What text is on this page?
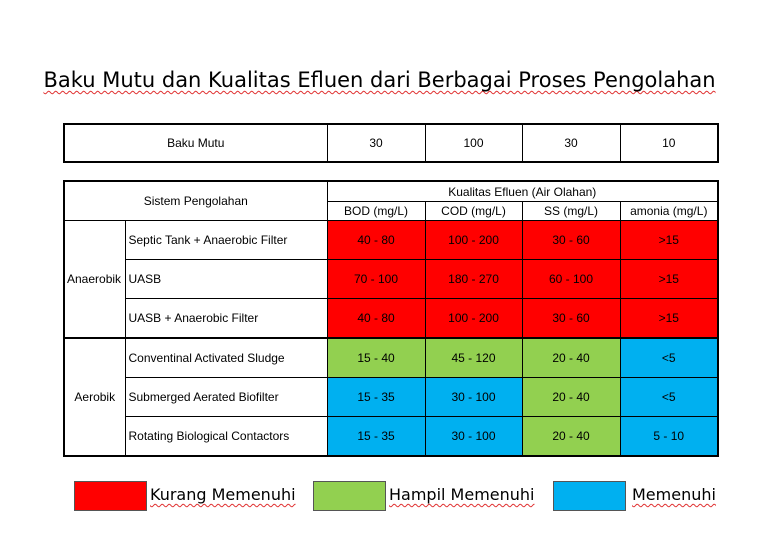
Baku Mutu dan Kualitas Efluen dari Berbagai Proses Pengolahan
Baku Mutu	30	100	30	10
Sistem Pengolahan		Kualitas Efluen (Air Olahan)			
		BOD (mg/L)	COD (mg/L)	SS (mg/L)	amonia (mg/L)
Anaerobik	Septic Tank + Anaerobic Filter	40 - 80	100 - 200	30 - 60	>15
	UASB	70 - 100	180 - 270	60 - 100	>15
	UASB + Anaerobic Filter	40 - 80	100 - 200	30 - 60	>15
Aerobik	Conventinal Activated Sludge	15 - 40	45 - 120	20 - 40	<5
	Submerged Aerated Biofilter	15 - 35	30 - 100	20 - 40	<5
	Rotating Biological Contactors	15 - 35	30 - 100	20 - 40	5 - 10
Kurang Memenuhi	Hampil Memenuhi	Memenuhi
